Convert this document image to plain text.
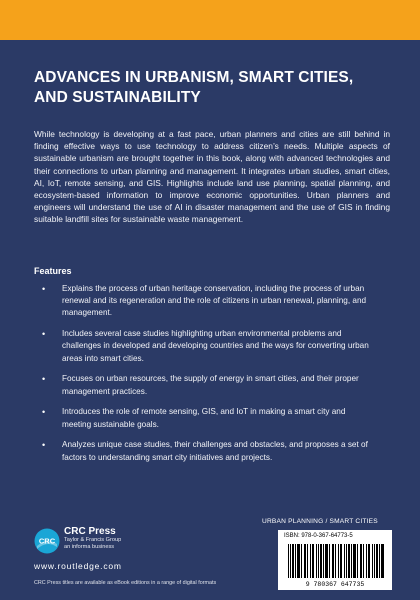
ADVANCES IN URBANISM, SMART CITIES,
AND SUSTAINABILITY

While technology is developing at a fast pace, urban planners and cities are still behind in finding effective ways to use technology to address citizen’s needs. Multiple aspects of sustainable urbanism are brought together in this book, along with advanced technologies and their connections to urban planning and management. It integrates urban studies, smart cities, AI, IoT, remote sensing, and GIS. Highlights include land use planning, spatial planning, and ecosystem-based information to improve economic opportunities. Urban planners and engineers will understand the use of AI in disaster management and the use of GIS in finding suitable landfill sites for sustainable waste management.

Features
• Explains the process of urban heritage conservation, including the process of urban renewal and its regeneration and the role of citizens in urban renewal, planning, and management.
• Includes several case studies highlighting urban environmental problems and challenges in developed and developing countries and the ways for converting urban areas into smart cities.
• Focuses on urban resources, the supply of energy in smart cities, and their proper management practices.
• Introduces the role of remote sensing, GIS, and IoT in making a smart city and meeting sustainable goals.
• Analyzes unique case studies, their challenges and obstacles, and proposes a set of factors to understanding smart city initiatives and projects.
CRC
CRC Press
Taylor & Francis Group
an informa business
www.routledge.com
CRC Press titles are available as eBook editions in a range of digital formats
URBAN PLANNING / SMART CITIES
ISBN: 978-0-367-64773-5
9 780367 647735
